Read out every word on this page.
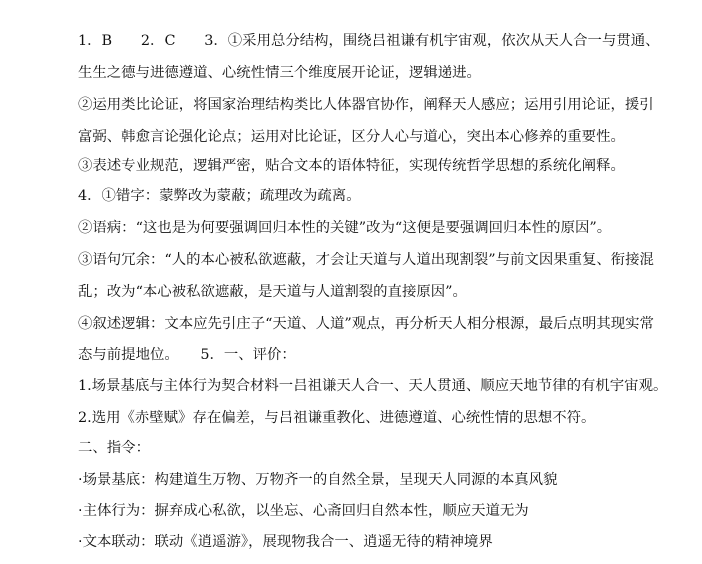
1．B　　2．C　　3．①采用总分结构，围绕吕祖谦有机宇宙观，依次从天人合一与贯通、
生生之德与进德遵道、心统性情三个维度展开论证，逻辑递进。
②运用类比论证，将国家治理结构类比人体器官协作，阐释天人感应；运用引用论证，援引
富弼、韩愈言论强化论点；运用对比论证，区分人心与道心，突出本心修养的重要性。
③表述专业规范，逻辑严密，贴合文本的语体特征，实现传统哲学思想的系统化阐释。
4．①错字：蒙弊改为蒙蔽；疏理改为疏离。
②语病：“这也是为何要强调回归本性的关键”改为“这便是要强调回归本性的原因”。
③语句冗余：“人的本心被私欲遮蔽，才会让天道与人道出现割裂”与前文因果重复、衔接混
乱；改为“本心被私欲遮蔽，是天道与人道割裂的直接原因”。
④叙述逻辑：文本应先引庄子“天道、人道”观点，再分析天人相分根源，最后点明其现实常
态与前提地位。　　5．一、评价：
1.场景基底与主体行为契合材料一吕祖谦天人合一、天人贯通、顺应天地节律的有机宇宙观。
2.选用《赤壁赋》存在偏差，与吕祖谦重教化、进德遵道、心统性情的思想不符。
二、指令：
·场景基底：构建道生万物、万物齐一的自然全景，呈现天人同源的本真风貌
·主体行为：摒弃成心私欲，以坐忘、心斋回归自然本性，顺应天道无为
·文本联动：联动《逍遥游》，展现物我合一、逍遥无待的精神境界
